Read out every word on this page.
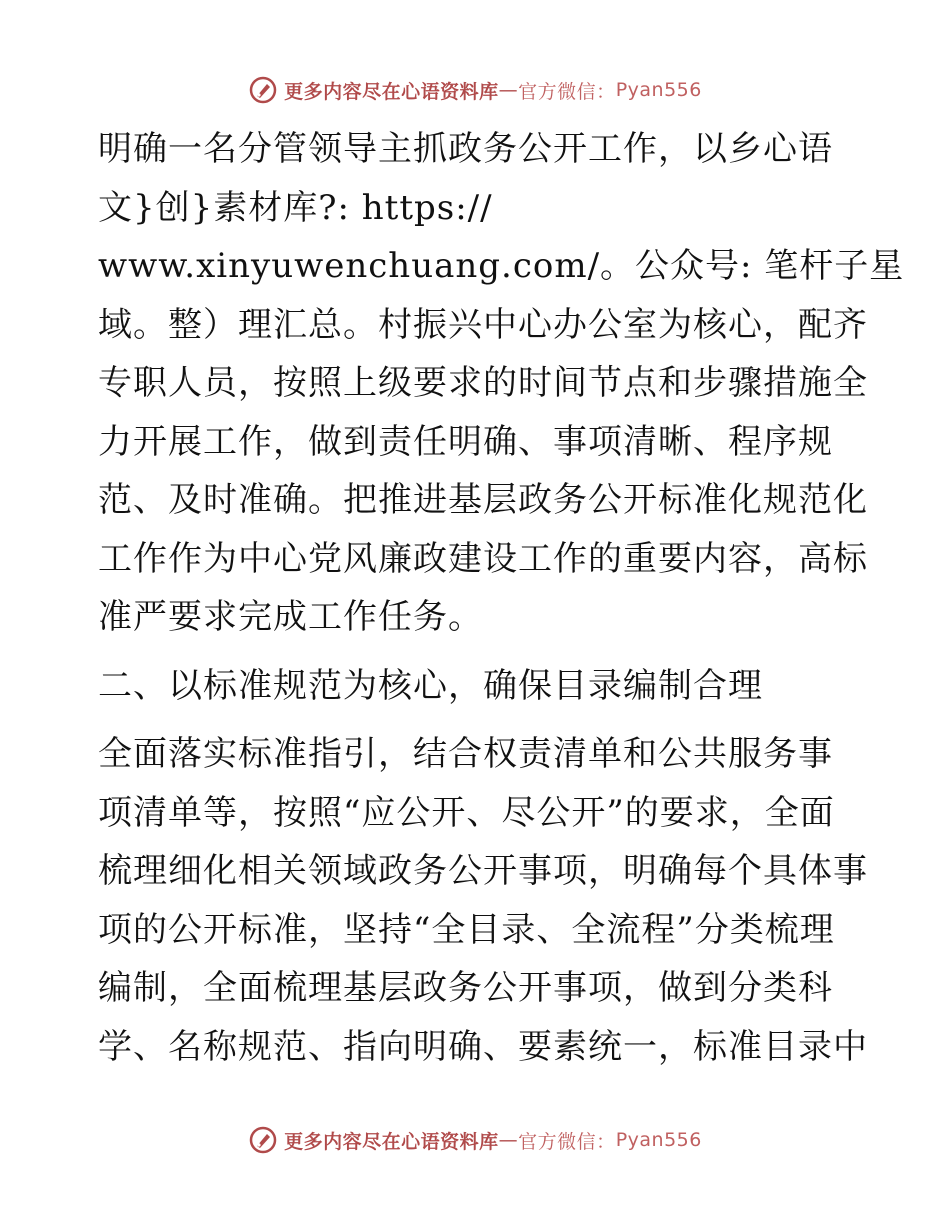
更多内容尽在心语资料库 — 官方微信： Pyan556

明确一名分管领导主抓政务公开工作，以乡心语
文}创}素材库?: https://
www.xinyuwenchuang.com/。公众号: 笔杆子星
域。整）理汇总。村振兴中心办公室为核心，配齐
专职人员，按照上级要求的时间节点和步骤措施全
力开展工作，做到责任明确、事项清晰、程序规
范、及时准确。把推进基层政务公开标准化规范化
工作作为中心党风廉政建设工作的重要内容，高标
准严要求完成工作任务。

二、以标准规范为核心，确保目录编制合理

全面落实标准指引，结合权责清单和公共服务事
项清单等，按照“应公开、尽公开”的要求，全面
梳理细化相关领域政务公开事项，明确每个具体事
项的公开标准，坚持“全目录、全流程”分类梳理
编制，全面梳理基层政务公开事项，做到分类科
学、名称规范、指向明确、要素统一，标准目录中

更多内容尽在心语资料库 — 官方微信： Pyan556
